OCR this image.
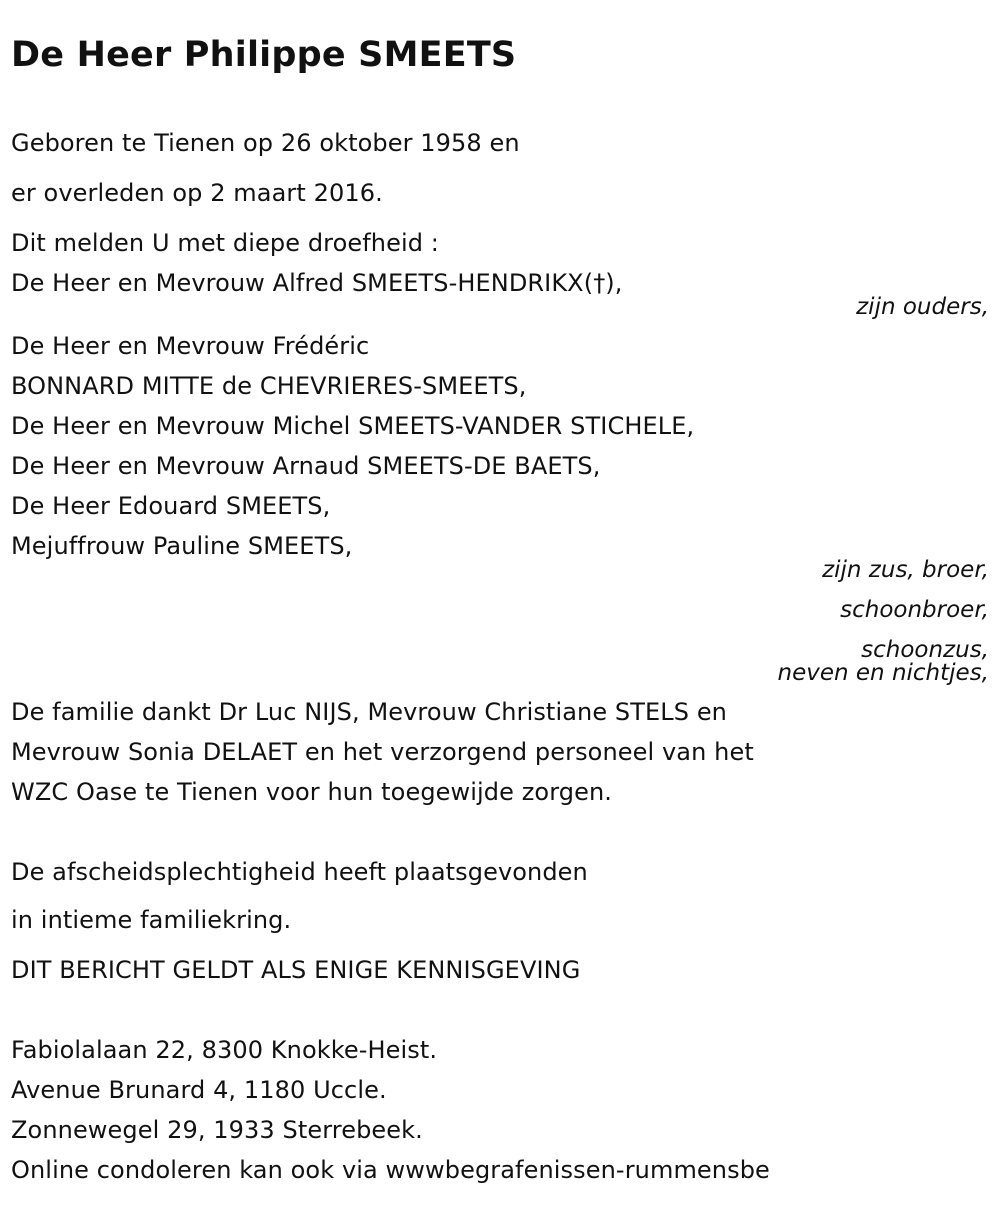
De Heer Philippe SMEETS

Geboren te Tienen op 26 oktober 1958 en

er overleden op 2 maart 2016.

Dit melden U met diepe droefheid :

De Heer en Mevrouw Alfred SMEETS-HENDRIKX(†),

zijn ouders,

De Heer en Mevrouw Frédéric

BONNARD MITTE de CHEVRIERES-SMEETS,

De Heer en Mevrouw Michel SMEETS-VANDER STICHELE,

De Heer en Mevrouw Arnaud SMEETS-DE BAETS,

De Heer Edouard SMEETS,

Mejuffrouw Pauline SMEETS,

zijn zus, broer,

schoonbroer,

schoonzus,

neven en nichtjes,

De familie dankt Dr Luc NIJS, Mevrouw Christiane STELS en

Mevrouw Sonia DELAET en het verzorgend personeel van het

WZC Oase te Tienen voor hun toegewijde zorgen.

De afscheidsplechtigheid heeft plaatsgevonden

in intieme familiekring.

DIT BERICHT GELDT ALS ENIGE KENNISGEVING

Fabiolalaan 22, 8300 Knokke-Heist.

Avenue Brunard 4, 1180 Uccle.

Zonnewegel 29, 1933 Sterrebeek.

Online condoleren kan ook via wwwbegrafenissen-rummensbe
